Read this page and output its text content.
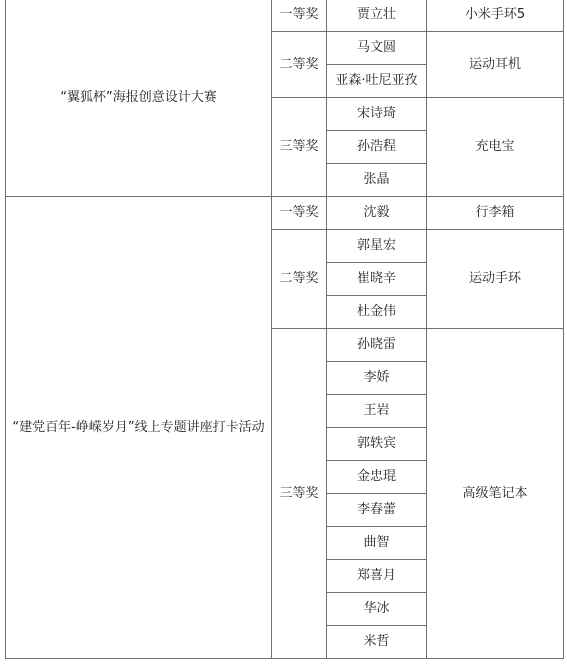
“翼狐杯”海报创意设计大赛	一等奖	贾立壮	小米手环5
	二等奖	马文圆	运动耳机
		亚森·吐尼亚孜	
	三等奖	宋诗琦	充电宝
		孙浩程	
		张晶	
“建党百年-峥嵘岁月”线上专题讲座打卡活动	一等奖	沈毅	行李箱
	二等奖	郭星宏	运动手环
		崔晓辛	
		杜金伟	
	三等奖	孙晓雷	高级笔记本
		李娇	
		王岩	
		郭轶宾	
		金忠琨	
		李春蕾	
		曲智	
		郑喜月	
		华冰	
		米哲	
